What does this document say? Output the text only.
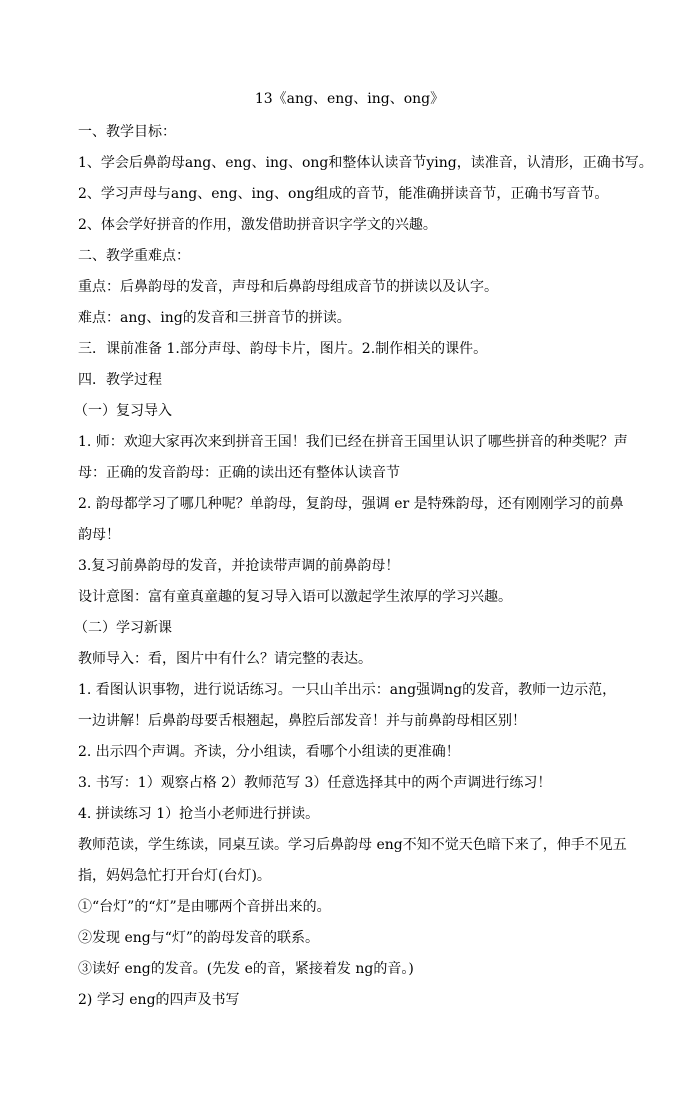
13《ang、eng、ing、ong》
一、教学目标：
1、学会后鼻韵母ang、eng、ing、ong和整体认读音节ying，读准音，认清形，正确书写。
2、学习声母与ang、eng、ing、ong组成的音节，能准确拼读音节，正确书写音节。
2、体会学好拼音的作用，激发借助拼音识字学文的兴趣。
二、教学重难点：
重点：后鼻韵母的发音，声母和后鼻韵母组成音节的拼读以及认字。
难点：ang、ing的发音和三拼音节的拼读。
三．课前准备 1.部分声母、韵母卡片，图片。2.制作相关的课件。
四．教学过程
（一）复习导入
1. 师：欢迎大家再次来到拼音王国！我们已经在拼音王国里认识了哪些拼音的种类呢？声
母：正确的发音韵母：正确的读出还有整体认读音节
2. 韵母都学习了哪几种呢？单韵母，复韵母，强调 er 是特殊韵母，还有刚刚学习的前鼻
韵母！
3.复习前鼻韵母的发音，并抢读带声调的前鼻韵母！
设计意图：富有童真童趣的复习导入语可以激起学生浓厚的学习兴趣。
（二）学习新课
教师导入：看，图片中有什么？请完整的表达。
1. 看图认识事物，进行说话练习。一只山羊出示：ang强调ng的发音，教师一边示范，
一边讲解！后鼻韵母要舌根翘起，鼻腔后部发音！并与前鼻韵母相区别！
2. 出示四个声调。齐读，分小组读，看哪个小组读的更准确！
3. 书写：1）观察占格 2）教师范写 3）任意选择其中的两个声调进行练习！
4. 拼读练习 1）抢当小老师进行拼读。
教师范读，学生练读，同桌互读。学习后鼻韵母 eng不知不觉天色暗下来了，伸手不见五
指，妈妈急忙打开台灯(台灯)。
①“台灯”的“灯”是由哪两个音拼出来的。
②发现 eng与“灯”的韵母发音的联系。
③读好 eng的发音。(先发 e的音，紧接着发 ng的音。)
2) 学习 eng的四声及书写
